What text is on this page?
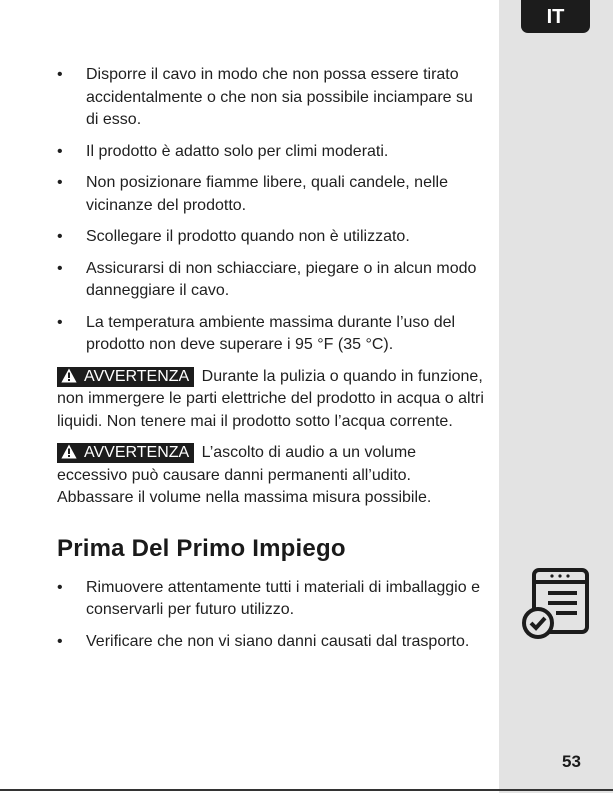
IT
53
• Disporre il cavo in modo che non possa essere tirato accidentalmente o che non sia possibile inciampare su di esso.
• Il prodotto è adatto solo per climi moderati.
• Non posizionare fiamme libere, quali candele, nelle vicinanze del prodotto.
• Scollegare il prodotto quando non è utilizzato.
• Assicurarsi di non schiacciare, piegare o in alcun modo danneggiare il cavo.
• La temperatura ambiente massima durante l’uso del prodotto non deve superare i 95 °F (35 °C).

AVVERTENZA Durante la pulizia o quando in funzione, non immergere le parti elettriche del prodotto in acqua o altri liquidi. Non tenere mai il prodotto sotto l’acqua corrente.

AVVERTENZA L’ascolto di audio a un volume eccessivo può causare danni permanenti all’udito. Abbassare il volume nella massima misura possibile.

Prima Del Primo Impiego
• Rimuovere attentamente tutti i materiali di imballaggio e conservarli per futuro utilizzo.
• Verificare che non vi siano danni causati dal trasporto.
